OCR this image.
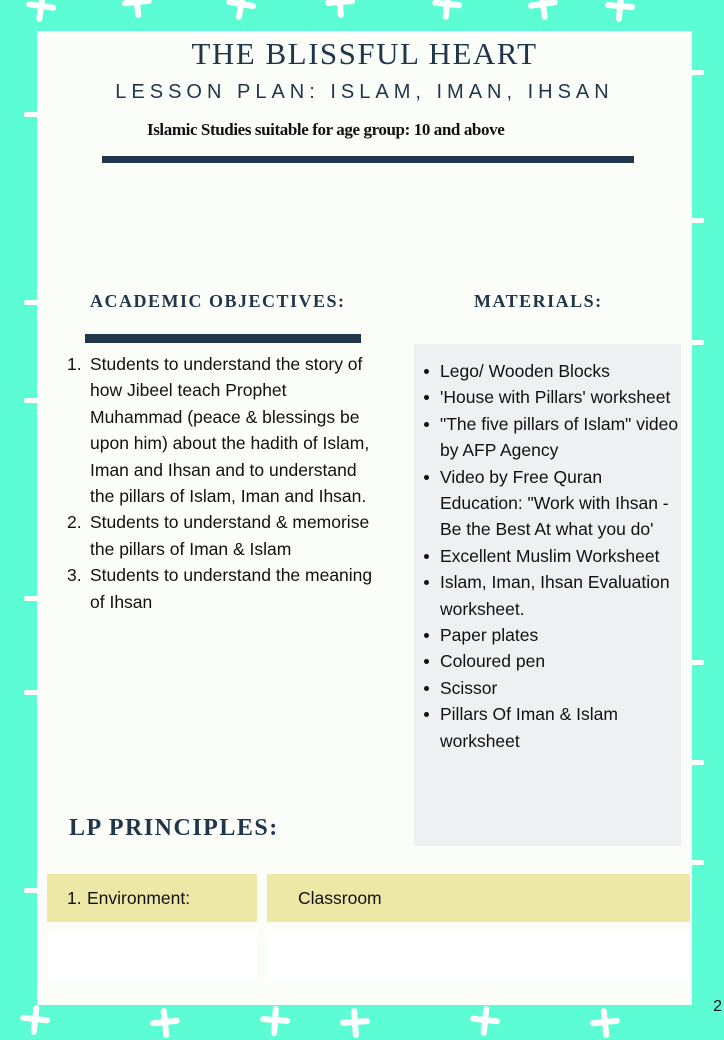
THE BLISSFUL HEART
LESSON PLAN: ISLAM, IMAN, IHSAN
Islamic Studies suitable for age group: 10 and above
ACADEMIC OBJECTIVES:
1. Students to understand the story of how Jibeel teach Prophet Muhammad (peace & blessings be upon him) about the hadith of Islam, Iman and Ihsan and to understand the pillars of Islam, Iman and Ihsan.
2. Students to understand & memorise the pillars of Iman & Islam
3. Students to understand the meaning of Ihsan
MATERIALS:
Lego/ Wooden Blocks
'House with Pillars' worksheet
"The five pillars of Islam" video by AFP Agency
Video by Free Quran Education: "Work with Ihsan - Be the Best At what you do'
Excellent Muslim Worksheet
Islam, Iman, Ihsan Evaluation worksheet.
Paper plates
Coloured pen
Scissor
Pillars Of Iman & Islam worksheet
LP PRINCIPLES:
1. Environment:	Classroom
2
